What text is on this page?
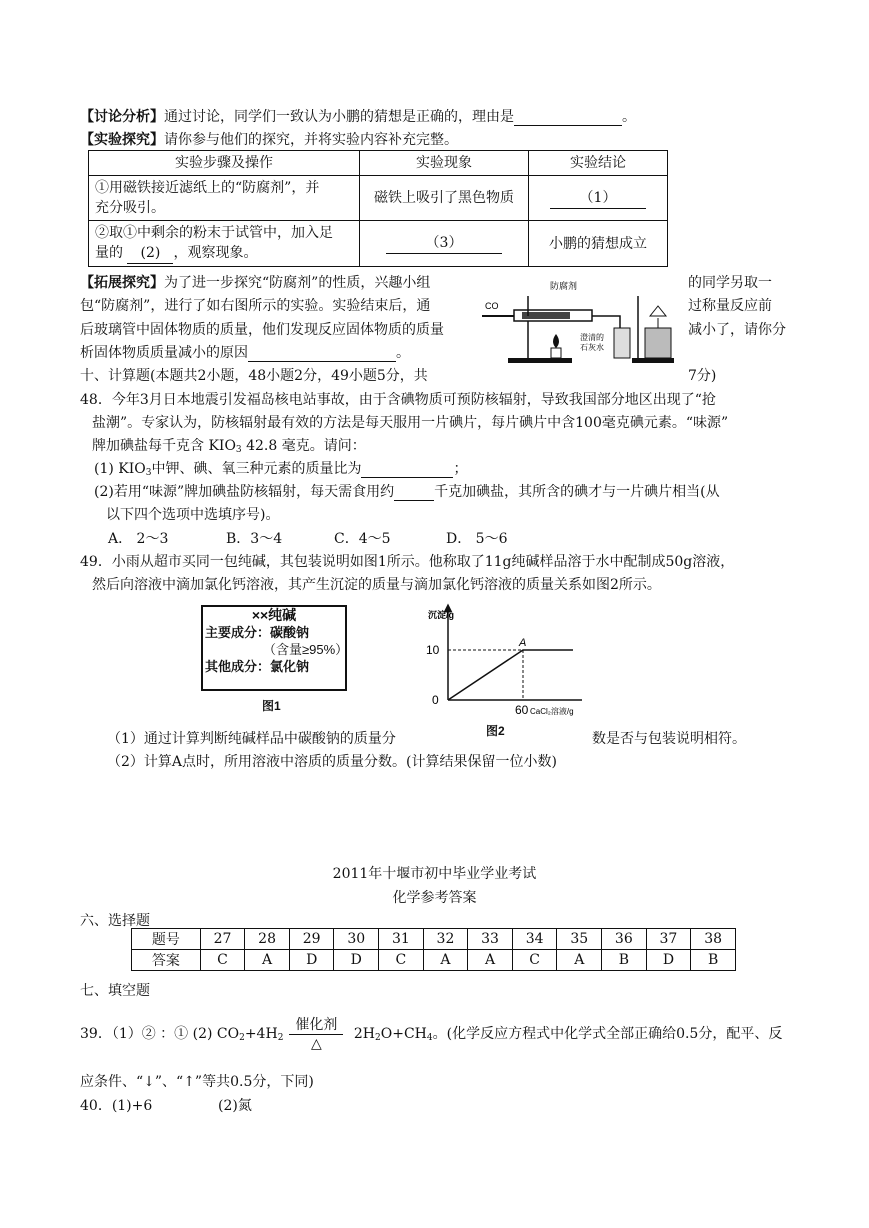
【讨论分析】通过讨论，同学们一致认为小鹏的猜想是正确的，理由是	。
【实验探究】请你参与他们的探究，并将实验内容补充完整。
实验步骤及操作	实验现象	实验结论

①用磁铁接近滤纸上的“防腐剂”，并
充分吸引。	磁铁上吸引了黑色物质	（1）

②取①中剩余的粉末于试管中，加入足
量的 (2) ，观察现象。	（3）	小鹏的猜想成立
【拓展探究】为了进一步探究“防腐剂”的性质，兴趣小组	的同学另取一
包“防腐剂”，进行了如右图所示的实验。实验结束后，通	过称量反应前
后玻璃管中固体物质的质量，他们发现反应固体物质的质量	减小了，请你分
析固体物质质量减小的原因	。
CO
防腐剂
澄清的
石灰水
十、计算题(本题共2小题，48小题2分，49小题5分，共	7分)
48．今年3月日本地震引发福岛核电站事故，由于含碘物质可预防核辐射，导致我国部分地区出现了“抢
盐潮”。专家认为，防核辐射最有效的方法是每天服用一片碘片，每片碘片中含100毫克碘元素。“味源”
牌加碘盐每千克含 $KIO_3$ 42.8 毫克。请问：
(1) $KIO_3$中钾、碘、氧三种元素的质量比为	；
(2)若用“味源”牌加碘盐防核辐射，每天需食用约	千克加碘盐，其所含的碘才与一片碘片相当(从
以下四个选项中选填序号)。
A． 2～3	B．3～4	C．4～5	D． 5～6
49．小雨从超市买同一包纯碱，其包装说明如图1所示。他称取了11g纯碱样品溶于水中配制成50g溶液，
然后向溶液中滴加氯化钙溶液，其产生沉淀的质量与滴加氯化钙溶液的质量关系如图2所示。
××纯碱
主要成分：碳酸钠
（含量≥95%）
其他成分：氯化钠
图1
沉淀/g
0
10
60 CaCl₂溶液/g
A
图2
（1）通过计算判断纯碱样品中碳酸钠的质量分	数是否与包装说明相符。
（2）计算A点时，所用溶液中溶质的质量分数。(计算结果保留一位小数)
2011年十堰市初中毕业学业考试
化学参考答案
六、选择题
题号	27	28	29	30	31	32	33	34	35	36	37	38
答案	C	A	D	D	C	A	A	C	A	B	D	B
七、填空题
39．（1）② ：① (2) $CO_2+4H_2 \frac{\text{催化剂}}{\triangle} 2H_2O+CH_4$。(化学反应方程式中化学式全部正确给0.5分，配平、反
应条件、“↓”、“↑”等共0.5分，下同)
40．(1)+6	(2)氮
